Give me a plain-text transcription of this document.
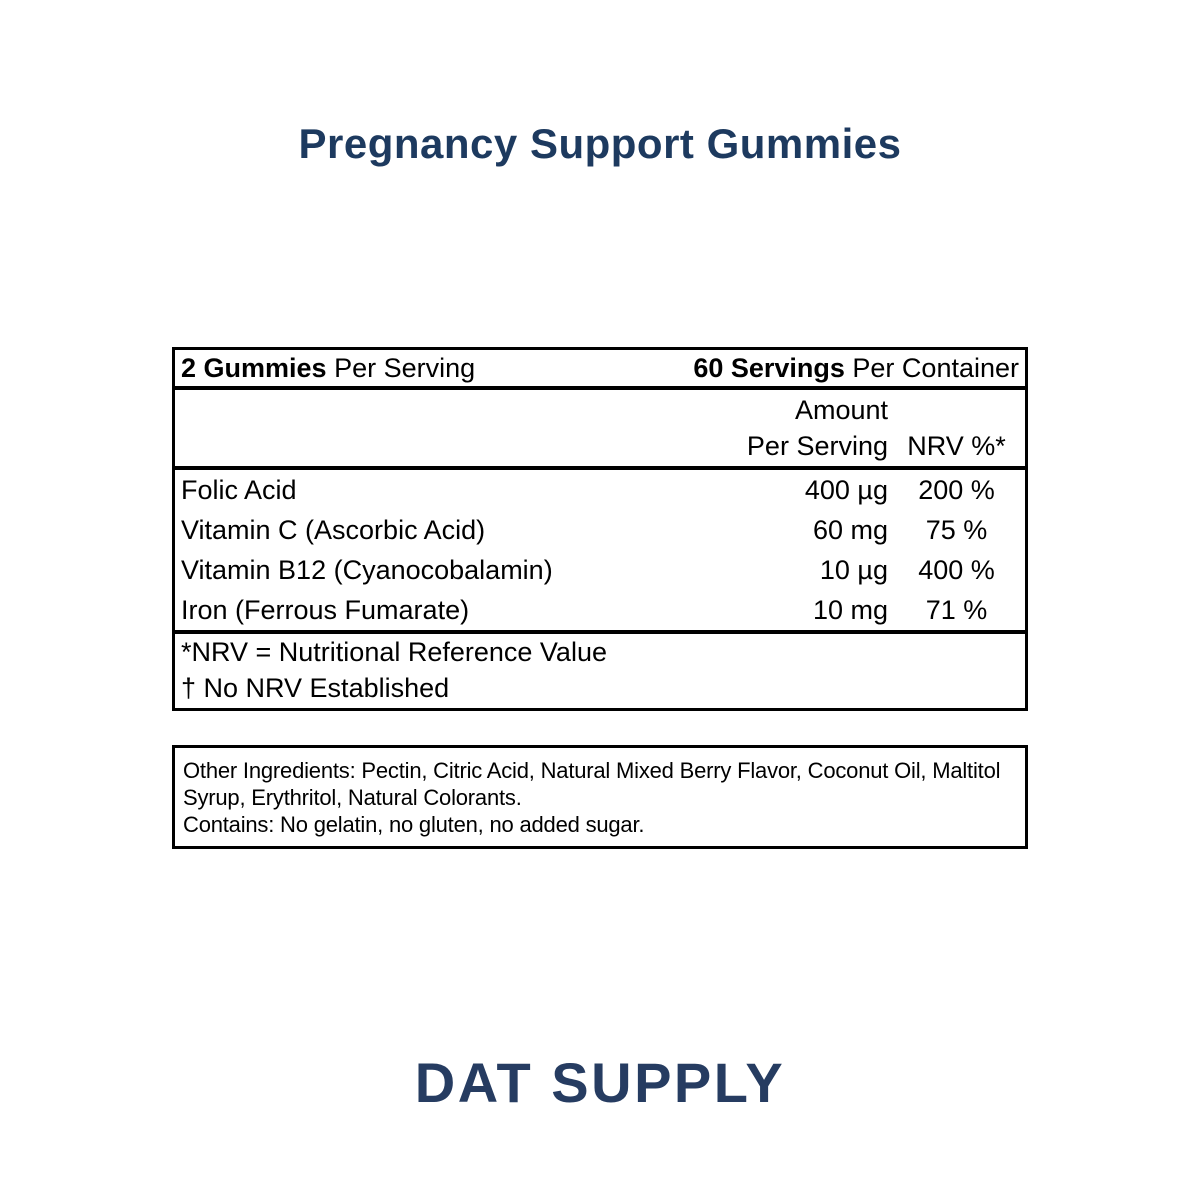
Pregnancy Support Gummies
2 Gummies Per Serving	60 Servings Per Container
Amount
Per Serving NRV %*
Folic Acid	400 µg	200 %
Vitamin C (Ascorbic Acid)	60 mg	75 %
Vitamin B12 (Cyanocobalamin)	10 µg	400 %
Iron (Ferrous Fumarate)	10 mg	71 %
*NRV = Nutritional Reference Value
† No NRV Established

Other Ingredients: Pectin, Citric Acid, Natural Mixed Berry Flavor, Coconut Oil, Maltitol Syrup, Erythritol, Natural Colorants.

Contains: No gelatin, no gluten, no added sugar.

DAT SUPPLY
